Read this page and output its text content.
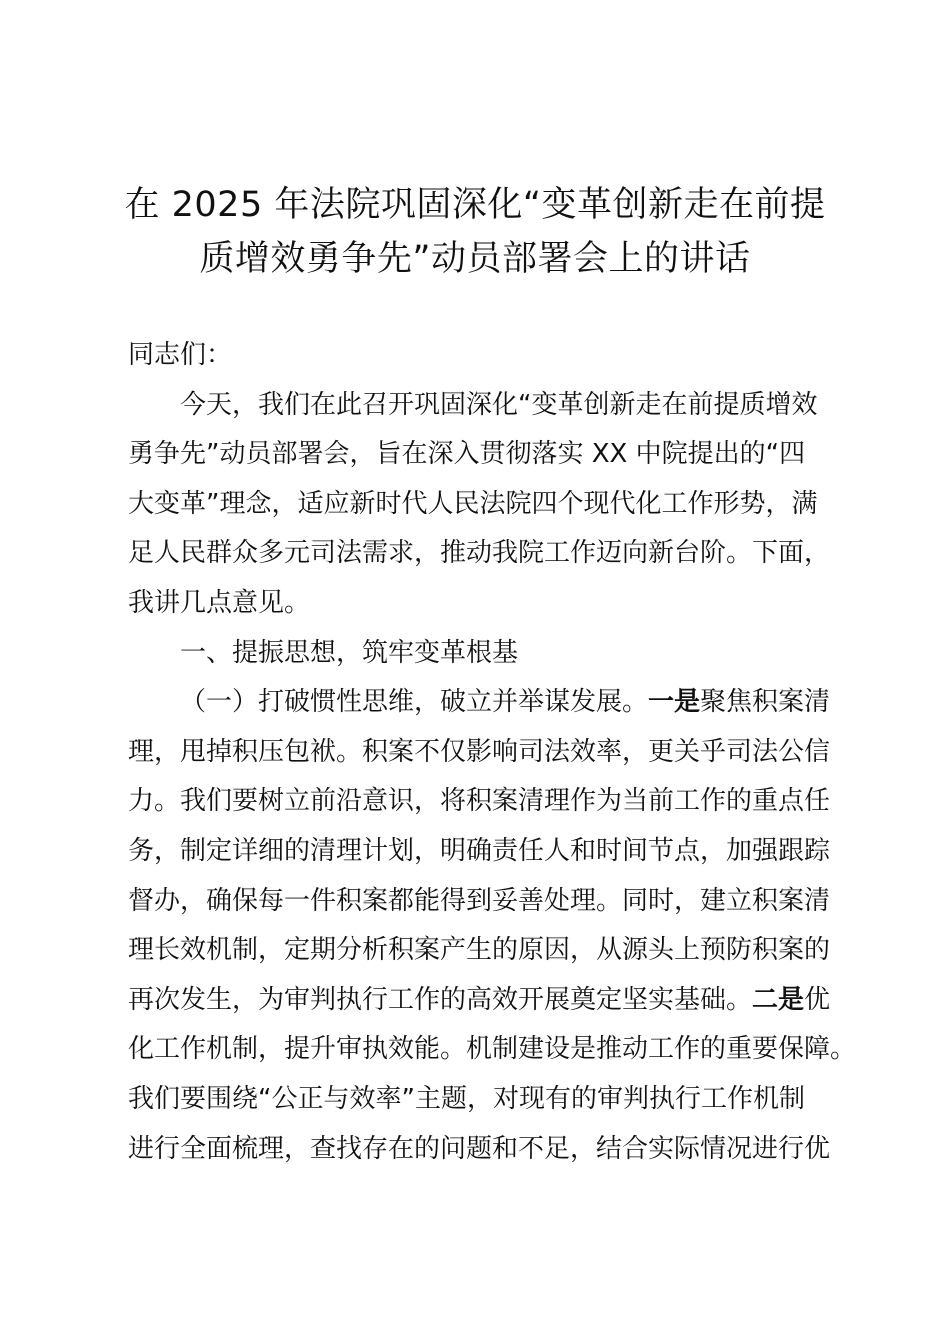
在 2025 年法院巩固深化“变革创新走在前提
质增效勇争先”动员部署会上的讲话
同志们：
今天，我们在此召开巩固深化“变革创新走在前提质增效
勇争先”动员部署会，旨在深入贯彻落实 XX 中院提出的“四
大变革”理念，适应新时代人民法院四个现代化工作形势，满
足人民群众多元司法需求，推动我院工作迈向新台阶。下面，
我讲几点意见。
一、提振思想，筑牢变革根基
（一）打破惯性思维，破立并举谋发展。一是聚焦积案清
理，甩掉积压包袱。积案不仅影响司法效率，更关乎司法公信
力。我们要树立前沿意识，将积案清理作为当前工作的重点任
务，制定详细的清理计划，明确责任人和时间节点，加强跟踪
督办，确保每一件积案都能得到妥善处理。同时，建立积案清
理长效机制，定期分析积案产生的原因，从源头上预防积案的
再次发生，为审判执行工作的高效开展奠定坚实基础。二是优
化工作机制，提升审执效能。机制建设是推动工作的重要保障。
我们要围绕“公正与效率”主题，对现有的审判执行工作机制
进行全面梳理，查找存在的问题和不足，结合实际情况进行优
